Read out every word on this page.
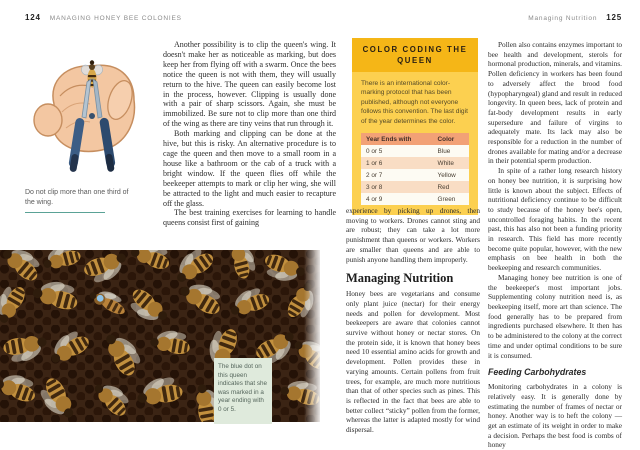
124 MANAGING HONEY BEE COLONIES	Managing Nutrition 125
Do not clip more than one third of the wing.

Another possibility is to clip the queen's wing. It doesn't make her as noticeable as marking, but does keep her from flying off with a swarm. Once the bees notice the queen is not with them, they will usually return to the hive. The queen can easily become lost in the process, however. Clipping is usually done with a pair of sharp scissors. Again, she must be immobilized. Be sure not to clip more than one third of the wing as there are tiny veins that run through it.

Both marking and clipping can be done at the hive, but this is risky. An alternative procedure is to cage the queen and then move to a small room in a house like a bathroom or the cab of a truck with a bright window. If the queen flies off while the beekeeper attempts to mark or clip her wing, she will be attracted to the light and much easier to recapture off the glass.

The best training exercises for learning to handle queens consist first of gaining

The blue dot on this queen indicates that she was marked in a year ending with 0 or 5.
COLOR CODING THE QUEEN

There is an international color-marking protocol that has been published, although not everyone follows this convention. The last digit of the year determines the color.

Year Ends with	Color
0 or 5	Blue
1 or 6	White
2 or 7	Yellow
3 or 8	Red
4 or 9	Green

experience by picking up drones, then moving to workers. Drones cannot sting and are robust; they can take a lot more punishment than queens or workers. Workers are smaller than queens and are able to punish anyone handling them improperly.

Managing Nutrition

Honey bees are vegetarians and consume only plant juice (nectar) for their energy needs and pollen for development. Most beekeepers are aware that colonies cannot survive without honey or nectar stores. On the protein side, it is known that honey bees need 10 essential amino acids for growth and development. Pollen provides these in varying amounts. Certain pollens from fruit trees, for example, are much more nutritious than that of other species such as pines. This is reflected in the fact that bees are able to better collect “sticky” pollen from the former, whereas the latter is adapted mostly for wind dispersal.

Pollen also contains enzymes important to bee health and development, sterols for hormonal production, minerals, and vitamins. Pollen deficiency in workers has been found to adversely affect the brood food (hypopharyngeal) gland and result in reduced longevity. In queen bees, lack of protein and fat-body development results in early supersedure and failure of virgins to adequately mate. Its lack may also be responsible for a reduction in the number of drones available for mating and/or a decrease in their potential sperm production.

In spite of a rather long research history on honey bee nutrition, it is surprising how little is known about the subject. Effects of nutritional deficiency continue to be difficult to study because of the honey bee's open, uncontrolled foraging habits. In the recent past, this has also not been a funding priority in research. This field has more recently become quite popular, however, with the new emphasis on bee health in both the beekeeping and research communities.

Managing honey bee nutrition is one of the beekeeper's most important jobs. Supplementing colony nutrition need is, as beekeeping itself, more art than science. The food generally has to be prepared from ingredients purchased elsewhere. It then has to be administered to the colony at the correct time and under optimal conditions to be sure it is consumed.

Feeding Carbohydrates

Monitoring carbohydrates in a colony is relatively easy. It is generally done by estimating the number of frames of nectar or honey. Another way is to heft the colony — get an estimate of its weight in order to make a decision. Perhaps the best food is combs of honey
